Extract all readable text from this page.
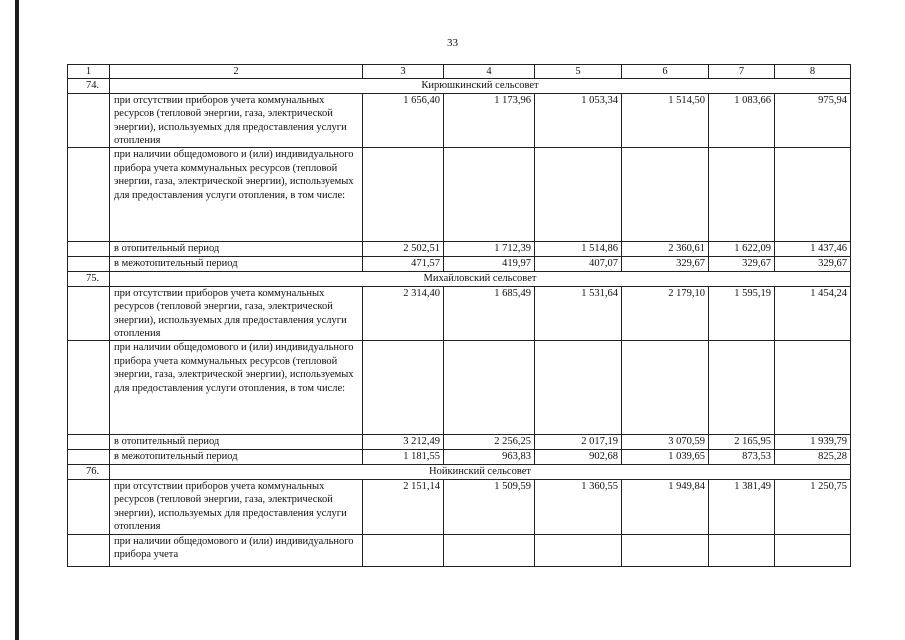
33
1	2	3	4	5	6	7	8
74.	Кирюшкинский сельсовет						
	при отсутствии приборов учета коммунальных ресурсов (тепловой энергии, газа, электрической энергии), используемых для предоставления услуги отопления	1 656,40	1 173,96	1 053,34	1 514,50	1 083,66	975,94
	при наличии общедомового и (или) индивидуального прибора учета коммунальных ресурсов (тепловой энергии, газа, электрической энергии), используемых для предоставления услуги отопления, в том числе:						
	в отопительный период	2 502,51	1 712,39	1 514,86	2 360,61	1 622,09	1 437,46
	в межотопительный период	471,57	419,97	407,07	329,67	329,67	329,67
75.	Михайловский сельсовет						
	при отсутствии приборов учета коммунальных ресурсов (тепловой энергии, газа, электрической энергии), используемых для предоставления услуги отопления	2 314,40	1 685,49	1 531,64	2 179,10	1 595,19	1 454,24
	при наличии общедомового и (или) индивидуального прибора учета коммунальных ресурсов (тепловой энергии, газа, электрической энергии), используемых для предоставления услуги отопления, в том числе:						
	в отопительный период	3 212,49	2 256,25	2 017,19	3 070,59	2 165,95	1 939,79
	в межотопительный период	1 181,55	963,83	902,68	1 039,65	873,53	825,28
76.	Нойкинский сельсовет						
	при отсутствии приборов учета коммунальных ресурсов (тепловой энергии, газа, электрической энергии), используемых для предоставления услуги отопления	2 151,14	1 509,59	1 360,55	1 949,84	1 381,49	1 250,75
	при наличии общедомового и (или) индивидуального прибора учета						
